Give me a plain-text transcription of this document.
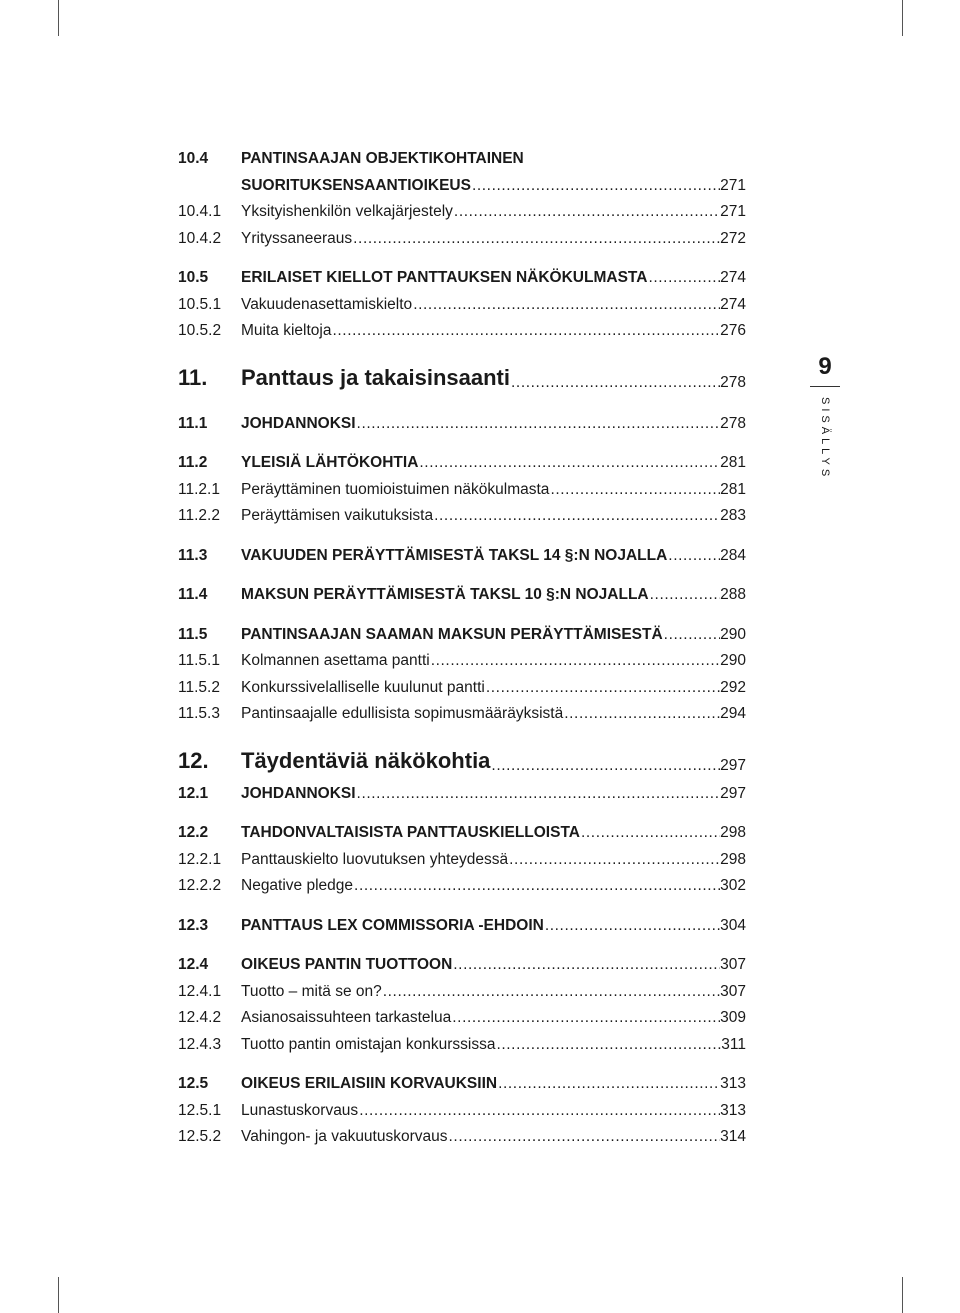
10.4	PANTINSAAJAN OBJEKTIKOHTAINEN
SUORITUKSENSAANTIOIKEUS .....	271
10.4.1	Yksityishenkilön velkajärjestely .....	271
10.4.2	Yrityssaneeraus .....	272
10.5	ERILAISET KIELLOT PANTTAUKSEN NÄKÖKULMASTA .....	274
10.5.1	Vakuudenasettamiskielto .....	274
10.5.2	Muita kieltoja .....	276
11.	Panttaus ja takaisinsaanti .....	278
11.1	JOHDANNOKSI .....	278
11.2	YLEISIÄ LÄHTÖKOHTIA .....	281
11.2.1	Peräyttäminen tuomioistuimen näkökulmasta .....	281
11.2.2	Peräyttämisen vaikutuksista .....	283
11.3	VAKUUDEN PERÄYTTÄMISESTÄ TAKSL 14 §:N NOJALLA .....	284
11.4	MAKSUN PERÄYTTÄMISESTÄ TAKSL 10 §:N NOJALLA .....	288
11.5	PANTINSAAJAN SAAMAN MAKSUN PERÄYTTÄMISESTÄ .....	290
11.5.1	Kolmannen asettama pantti .....	290
11.5.2	Konkurssivelalliselle kuulunut pantti .....	292
11.5.3	Pantinsaajalle edullisista sopimusmääräyksistä .....	294
12.	Täydentäviä näkökohtia .....	297
12.1	JOHDANNOKSI .....	297
12.2	TAHDONVALTAISISTA PANTTAUSKIELLOISTA .....	298
12.2.1	Panttauskielto luovutuksen yhteydessä .....	298
12.2.2	Negative pledge .....	302
12.3	PANTTAUS LEX COMMISSORIA -EHDOIN .....	304
12.4	OIKEUS PANTIN TUOTTOON .....	307
12.4.1	Tuotto – mitä se on? .....	307
12.4.2	Asianosaissuhteen tarkastelua .....	309
12.4.3	Tuotto pantin omistajan konkurssissa .....	311
12.5	OIKEUS ERILAISIIN KORVAUKSIIN .....	313
12.5.1	Lunastuskorvaus .....	313
12.5.2	Vahingon- ja vakuutuskorvaus .....	314
9
SISÄLLYS
